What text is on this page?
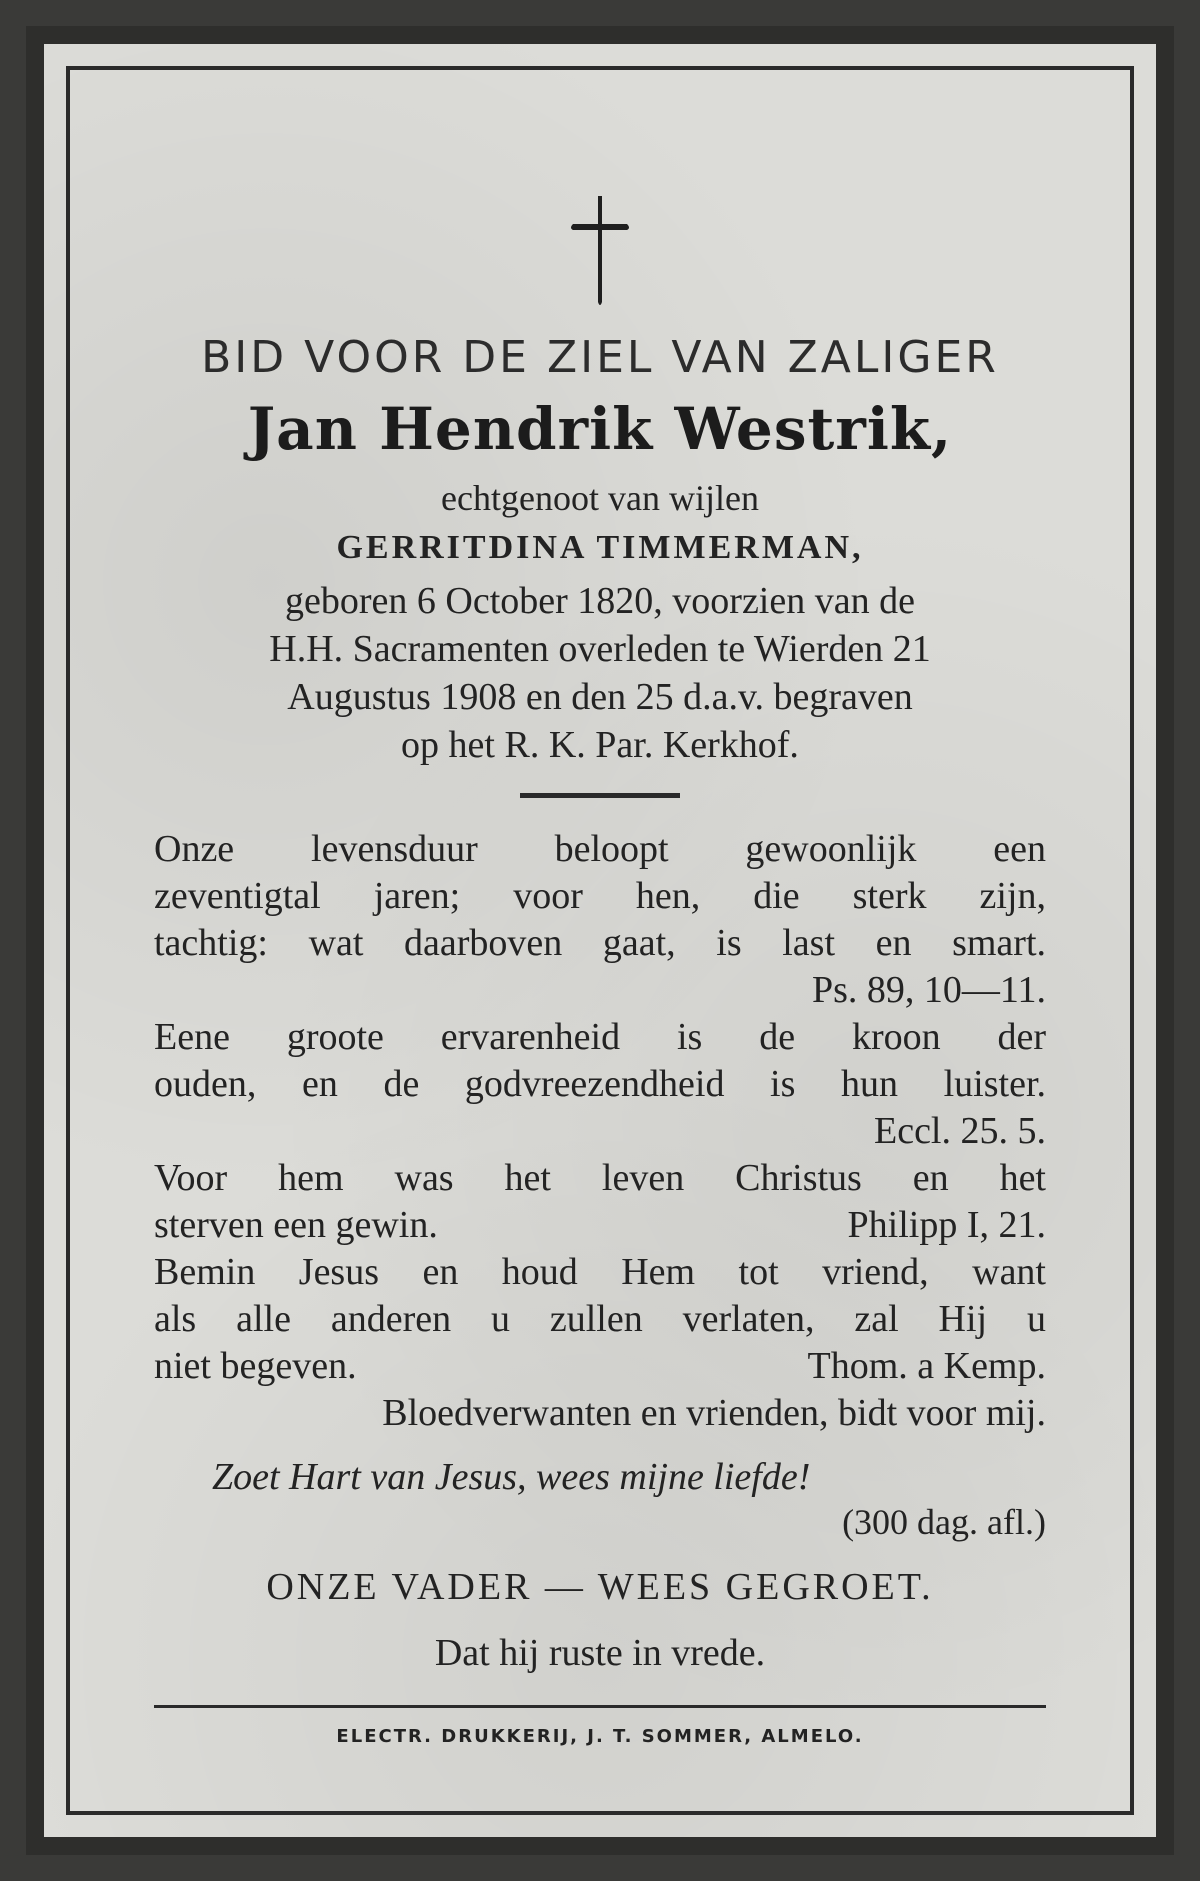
BID VOOR DE ZIEL VAN ZALIGER
Jan Hendrik Westrik,
echtgenoot van wijlen
GERRITDINA TIMMERMAN,
geboren 6 October 1820, voorzien van de
H.H. Sacramenten overleden te Wierden 21
Augustus 1908 en den 25 d.a.v. begraven
op het R. K. Par. Kerkhof.
Onze levensduur beloopt gewoonlijk een
zeventigtal jaren; voor hen, die sterk zijn,
tachtig: wat daarboven gaat, is last en smart.
Ps. 89, 10—11.
Eene groote ervarenheid is de kroon der
ouden, en de godvreezendheid is hun luister.
Eccl. 25. 5.
Voor hem was het leven Christus en het
sterven een gewin.	Philipp I, 21.
Bemin Jesus en houd Hem tot vriend, want
als alle anderen u zullen verlaten, zal Hij u
niet begeven.	Thom. a Kemp.
Bloedverwanten en vrienden, bidt voor mij.
Zoet Hart van Jesus, wees mijne liefde!
(300 dag. afl.)
ONZE VADER — WEES GEGROET.
Dat hij ruste in vrede.
ELECTR. DRUKKERIJ, J. T. SOMMER, ALMELO.
